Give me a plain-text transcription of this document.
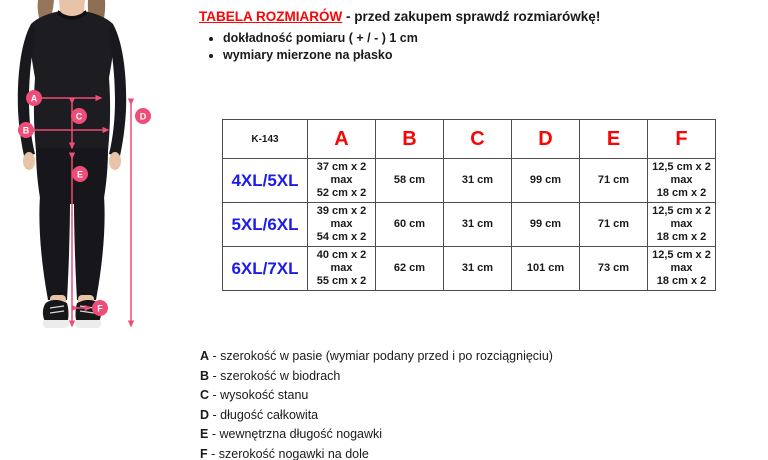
A
B
C	D
E
F
TABELA ROZMIARÓW - przed zakupem sprawdź rozmiarówkę!
• dokładność pomiaru ( + / - ) 1 cm
• wymiary mierzone na płasko
K-143	A	B	C	D	E	F
4XL/5XL	37 cm x 2
max
52 cm x 2	58 cm	31 cm	99 cm	71 cm	12,5 cm x 2
max
18 cm x 2
5XL/6XL	39 cm x 2
max
54 cm x 2	60 cm	31 cm	99 cm	71 cm	12,5 cm x 2
max
18 cm x 2
6XL/7XL	40 cm x 2
max
55 cm x 2	62 cm	31 cm	101 cm	73 cm	12,5 cm x 2
max
18 cm x 2
A - szerokość w pasie (wymiar podany przed i po rozciągnięciu)
B - szerokość w biodrach
C - wysokość stanu
D - długość całkowita
E - wewnętrzna długość nogawki
F - szerokość nogawki na dole
